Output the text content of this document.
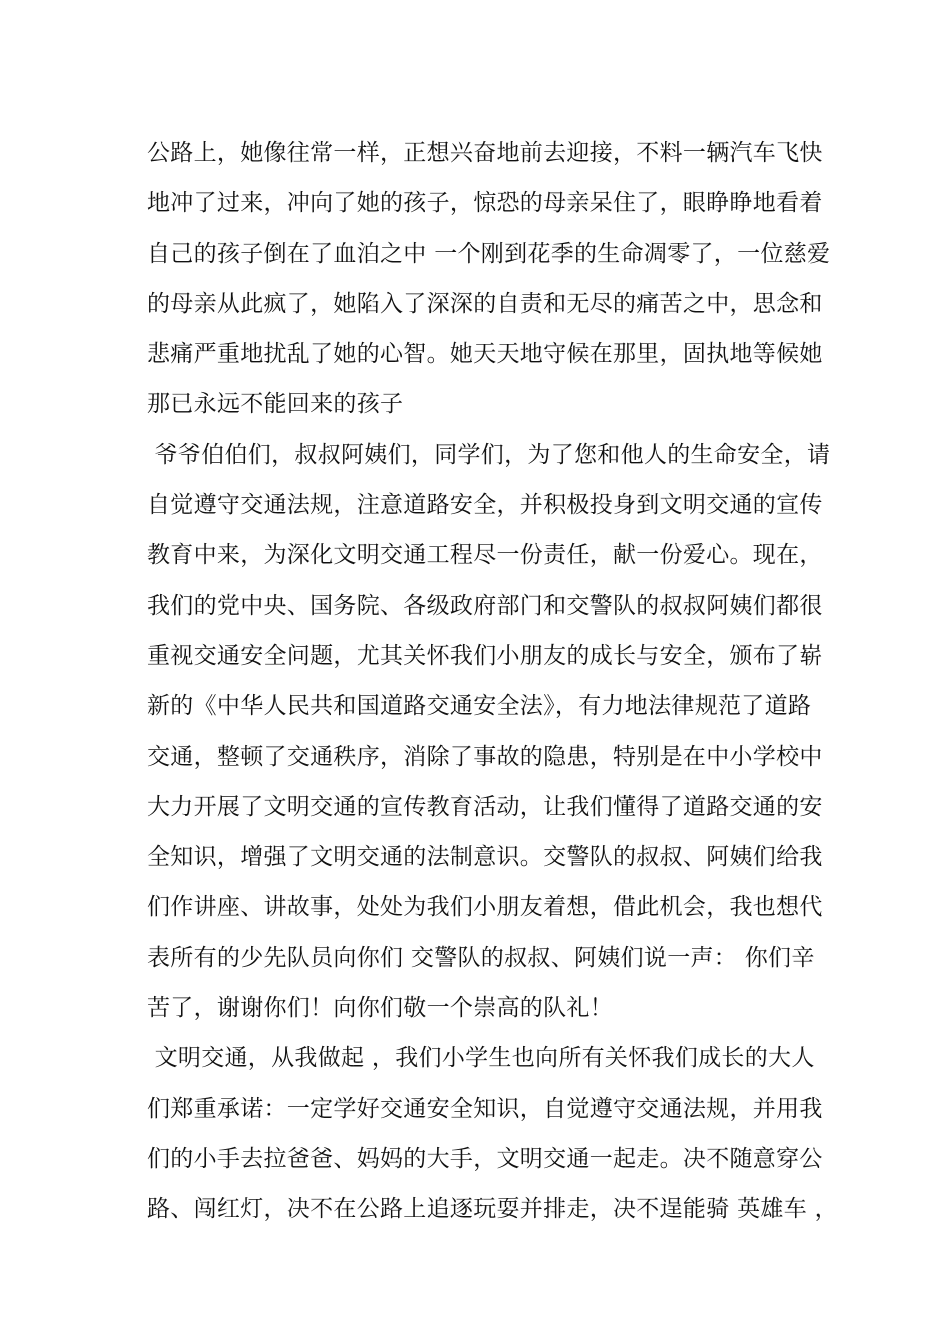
公路上，她像往常一样，正想兴奋地前去迎接，不料一辆汽车飞快
地冲了过来，冲向了她的孩子，惊恐的母亲呆住了，眼睁睁地看着
自己的孩子倒在了血泊之中 一个刚到花季的生命凋零了，一位慈爱
的母亲从此疯了，她陷入了深深的自责和无尽的痛苦之中，思念和
悲痛严重地扰乱了她的心智。她天天地守候在那里，固执地等候她
那已永远不能回来的孩子
爷爷伯伯们，叔叔阿姨们，同学们，为了您和他人的生命安全，请
自觉遵守交通法规，注意道路安全，并积极投身到文明交通的宣传
教育中来，为深化文明交通工程尽一份责任，献一份爱心。现在，
我们的党中央、国务院、各级政府部门和交警队的叔叔阿姨们都很
重视交通安全问题，尤其关怀我们小朋友的成长与安全，颁布了崭
新的《中华人民共和国道路交通安全法》，有力地法律规范了道路
交通，整顿了交通秩序，消除了事故的隐患，特别是在中小学校中
大力开展了文明交通的宣传教育活动，让我们懂得了道路交通的安
全知识，增强了文明交通的法制意识。交警队的叔叔、阿姨们给我
们作讲座、讲故事，处处为我们小朋友着想，借此机会，我也想代
表所有的少先队员向你们 交警队的叔叔、阿姨们说一声： 你们辛
苦了，谢谢你们！向你们敬一个崇高的队礼！
文明交通，从我做起 ，我们小学生也向所有关怀我们成长的大人
们郑重承诺：一定学好交通安全知识，自觉遵守交通法规，并用我
们的小手去拉爸爸、妈妈的大手，文明交通一起走。决不随意穿公
路、闯红灯，决不在公路上追逐玩耍并排走，决不逞能骑 英雄车 ，
